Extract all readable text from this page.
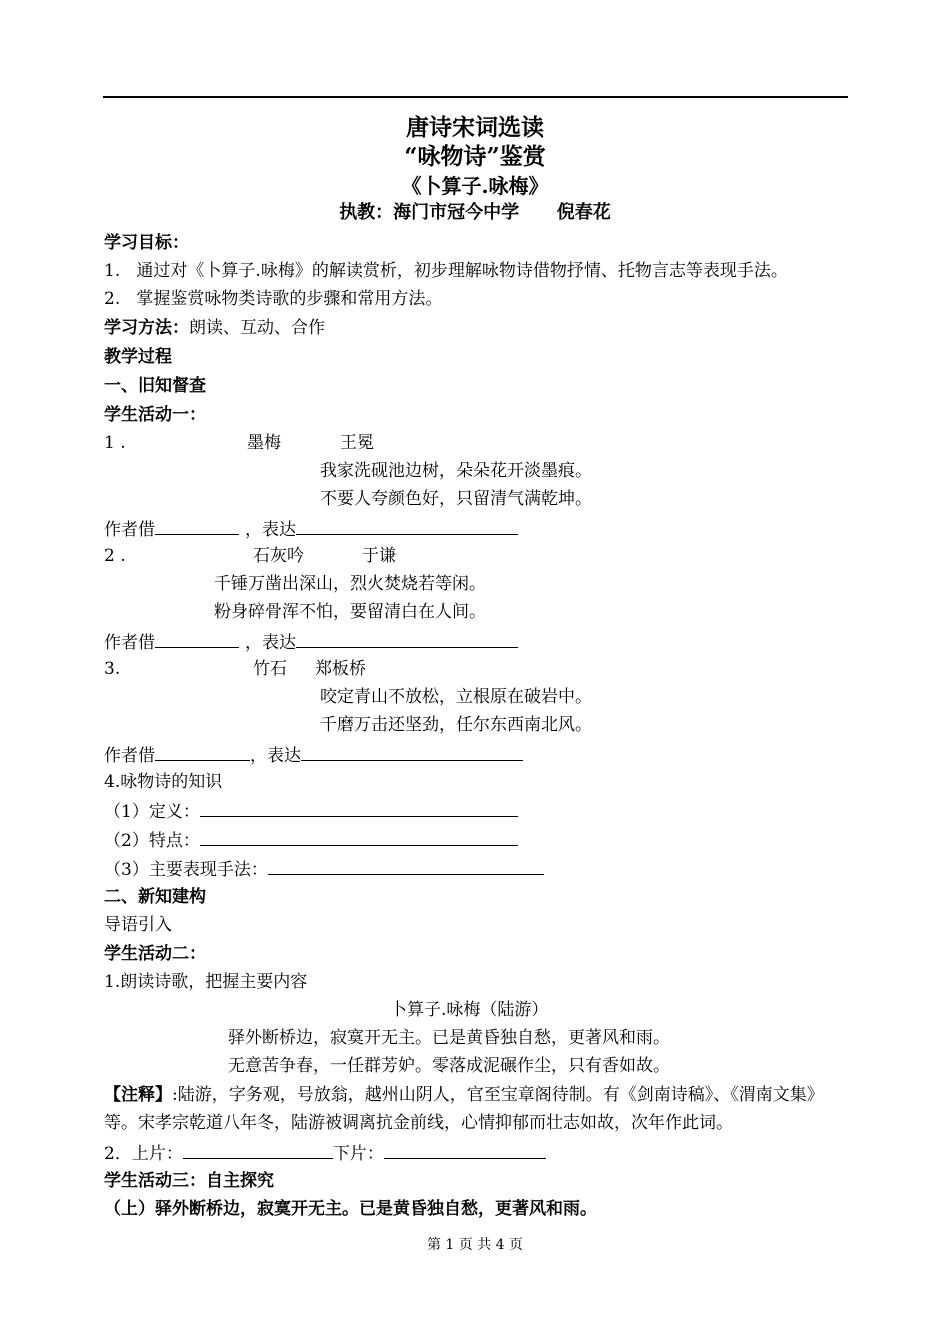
唐诗宋词选读
“咏物诗”鉴赏
《卜算子.咏梅》
执教：海门市冠今中学      倪春花
学习目标：
1.   通过对《卜算子.咏梅》的解读赏析，初步理解咏物诗借物抒情、托物言志等表现手法。
2.   掌握鉴赏咏物类诗歌的步骤和常用方法。
学习方法：朗读、互动、合作
教学过程
一、旧知督查
学生活动一：
1 .	墨梅	王冕
我家洗砚池边树，朵朵花开淡墨痕。
不要人夸颜色好，只留清气满乾坤。
作者借	，表达
2 .	石灰吟	于谦
千锤万凿出深山，烈火焚烧若等闲。
粉身碎骨浑不怕，要留清白在人间。
作者借	，表达
3.	竹石 郑板桥
咬定青山不放松，立根原在破岩中。
千磨万击还坚劲，任尔东西南北风。
作者借	，表达
4.咏物诗的知识
（1）定义：
（2）特点：
（3）主要表现手法：
二、新知建构
导语引入
学生活动二：
1.朗读诗歌，把握主要内容
卜算子.咏梅（陆游）
驿外断桥边，寂寞开无主。已是黄昏独自愁，更著风和雨。
无意苦争春，一任群芳妒。零落成泥碾作尘，只有香如故。
【注释】:陆游，字务观，号放翁，越州山阴人，官至宝章阁待制。有《剑南诗稿》、《渭南文集》
等。宋孝宗乾道八年冬，陆游被调离抗金前线，心情抑郁而壮志如故，次年作此词。
2．上片：	下片：
学生活动三：自主探究
（上）驿外断桥边，寂寞开无主。已是黄昏独自愁，更著风和雨。
第 1 页 共 4 页
